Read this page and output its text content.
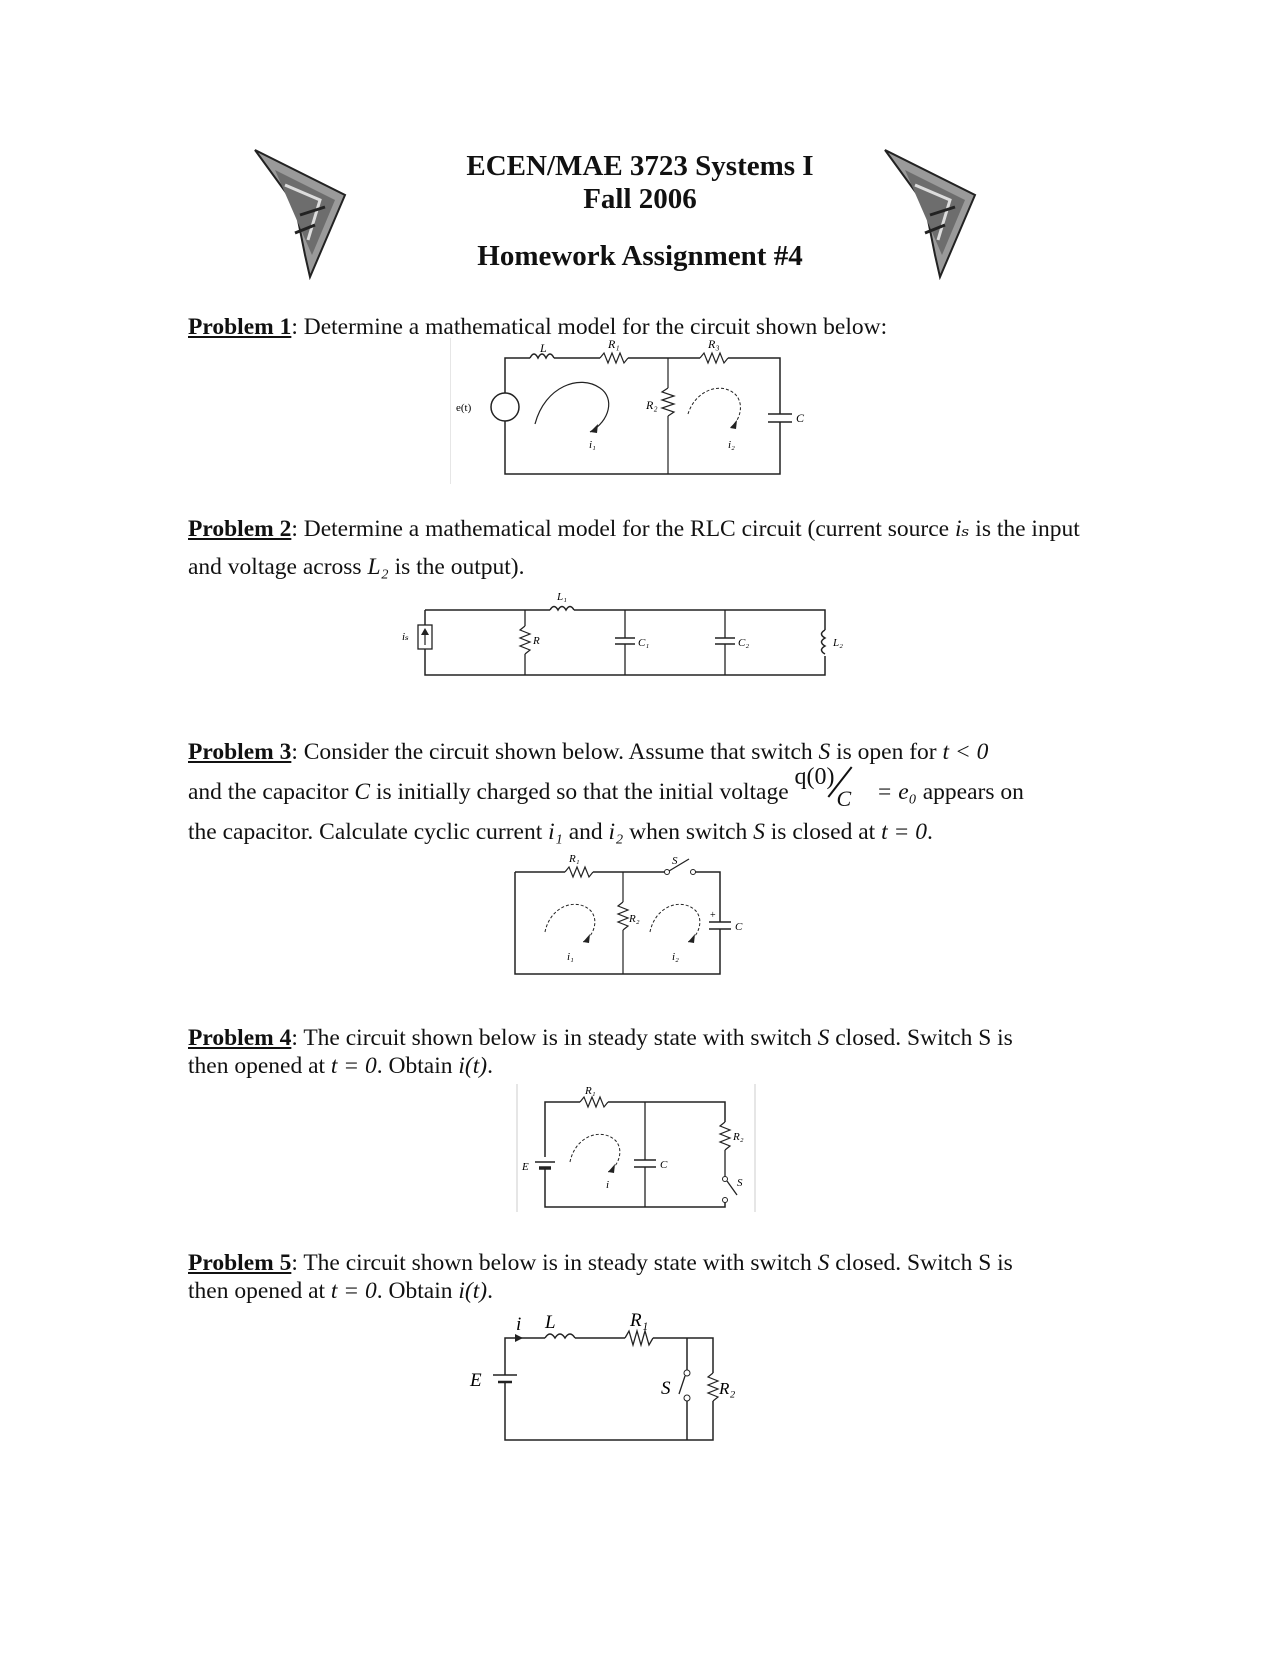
ECEN/MAE 3723 Systems I
Fall 2006
Homework Assignment #4
Problem 1: Determine a mathematical model for the circuit shown below:
L	R₁	R₃
R₂
C
e(t)
i₁	i₂
Problem 2: Determine a mathematical model for the RLC circuit (current source iₛ is the input and voltage across L₂ is the output).
iₛ	R
L₁
C₁	C₂	L₂
Problem 3: Consider the circuit shown below. Assume that switch S is open for t < 0
and the capacitor C is initially charged so that the initial voltage
q(0)
C = e₀ appears on
the capacitor. Calculate cyclic current i₁ and i₂ when switch S is closed at t = 0.
R₁	S
R₂
C
+
i₁	i₂
Problem 4: The circuit shown below is in steady state with switch S closed. Switch S is
then opened at t = 0. Obtain i(t).
R₁
R₂
E	C
S
i
Problem 5: The circuit shown below is in steady state with switch S closed. Switch S is
then opened at t = 0. Obtain i(t).
i L	R₁
E	S	R₂
